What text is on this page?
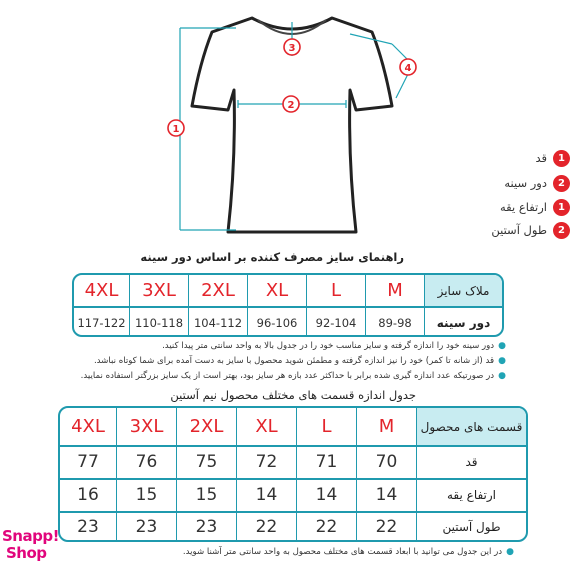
1
2
3
4
1
قد
2
دور سینه
1
ارتفاع یقه
2
طول آستین
راهنمای سایز مصرف کننده بر اساس دور سینه
ملاک سایز
M
L
XL
2XL
3XL
4XL
دور سینه
89-98
92-104
96-106
104-112
110-118
117-122
●دور سینه خود را اندازه گرفته و سایز مناسب خود را در جدول بالا به واحد سانتی متر پیدا کنید.
●قد (از شانه تا کمر) خود را نیز اندازه گرفته و مطمئن شوید محصول با سایز به دست آمده برای شما کوتاه نباشد.
●در صورتیکه عدد اندازه گیری شده برابر با حداکثر عدد بازه هر سایز بود، بهتر است از یک سایز بزرگتر استفاده نمایید.
جدول اندازه قسمت های مختلف محصول نیم آستین
قسمت های محصول
M
L
XL
2XL
3XL
4XL
قد
70
71
72
75
76
77
ارتفاع یقه
14
14
14
15
15
16
طول آستین
22
22
22
23
23
23
●در این جدول می توانید با ابعاد قسمت های مختلف محصول به واحد سانتی متر آشنا شوید.
Snapp!
Shop
